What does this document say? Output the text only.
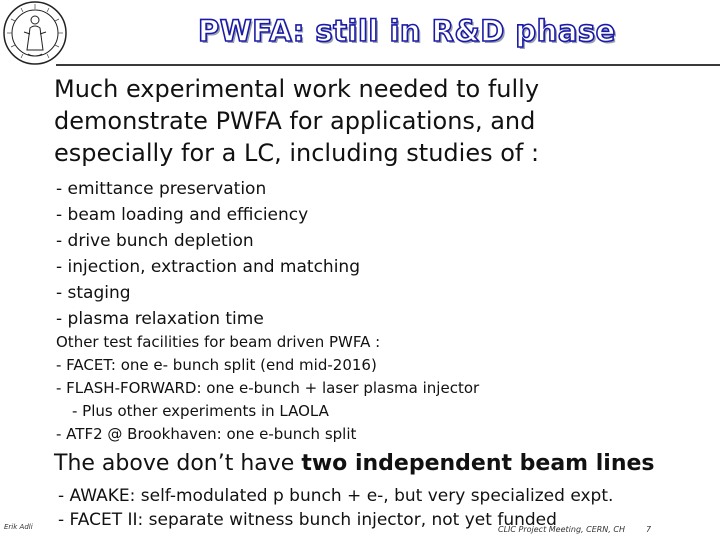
PWFA: still in R&D phase
Much experimental work needed to fully
demonstrate PWFA for applications, and
especially for a LC, including studies of :
- emittance preservation
- beam loading and efficiency
- drive bunch depletion
- injection, extraction and matching
- staging
- plasma relaxation time
Other test facilities for beam driven PWFA :
- FACET: one e- bunch split (end mid-2016)
- FLASH-FORWARD: one e-bunch + laser plasma injector
- Plus other experiments in LAOLA
- ATF2 @ Brookhaven: one e-bunch split
The above don’t have two independent beam lines
- AWAKE: self-modulated p bunch + e-, but very specialized expt.
- FACET II: separate witness bunch injector, not yet funded
Erik Adli	CLIC Project Meeting, CERN, CH	7
